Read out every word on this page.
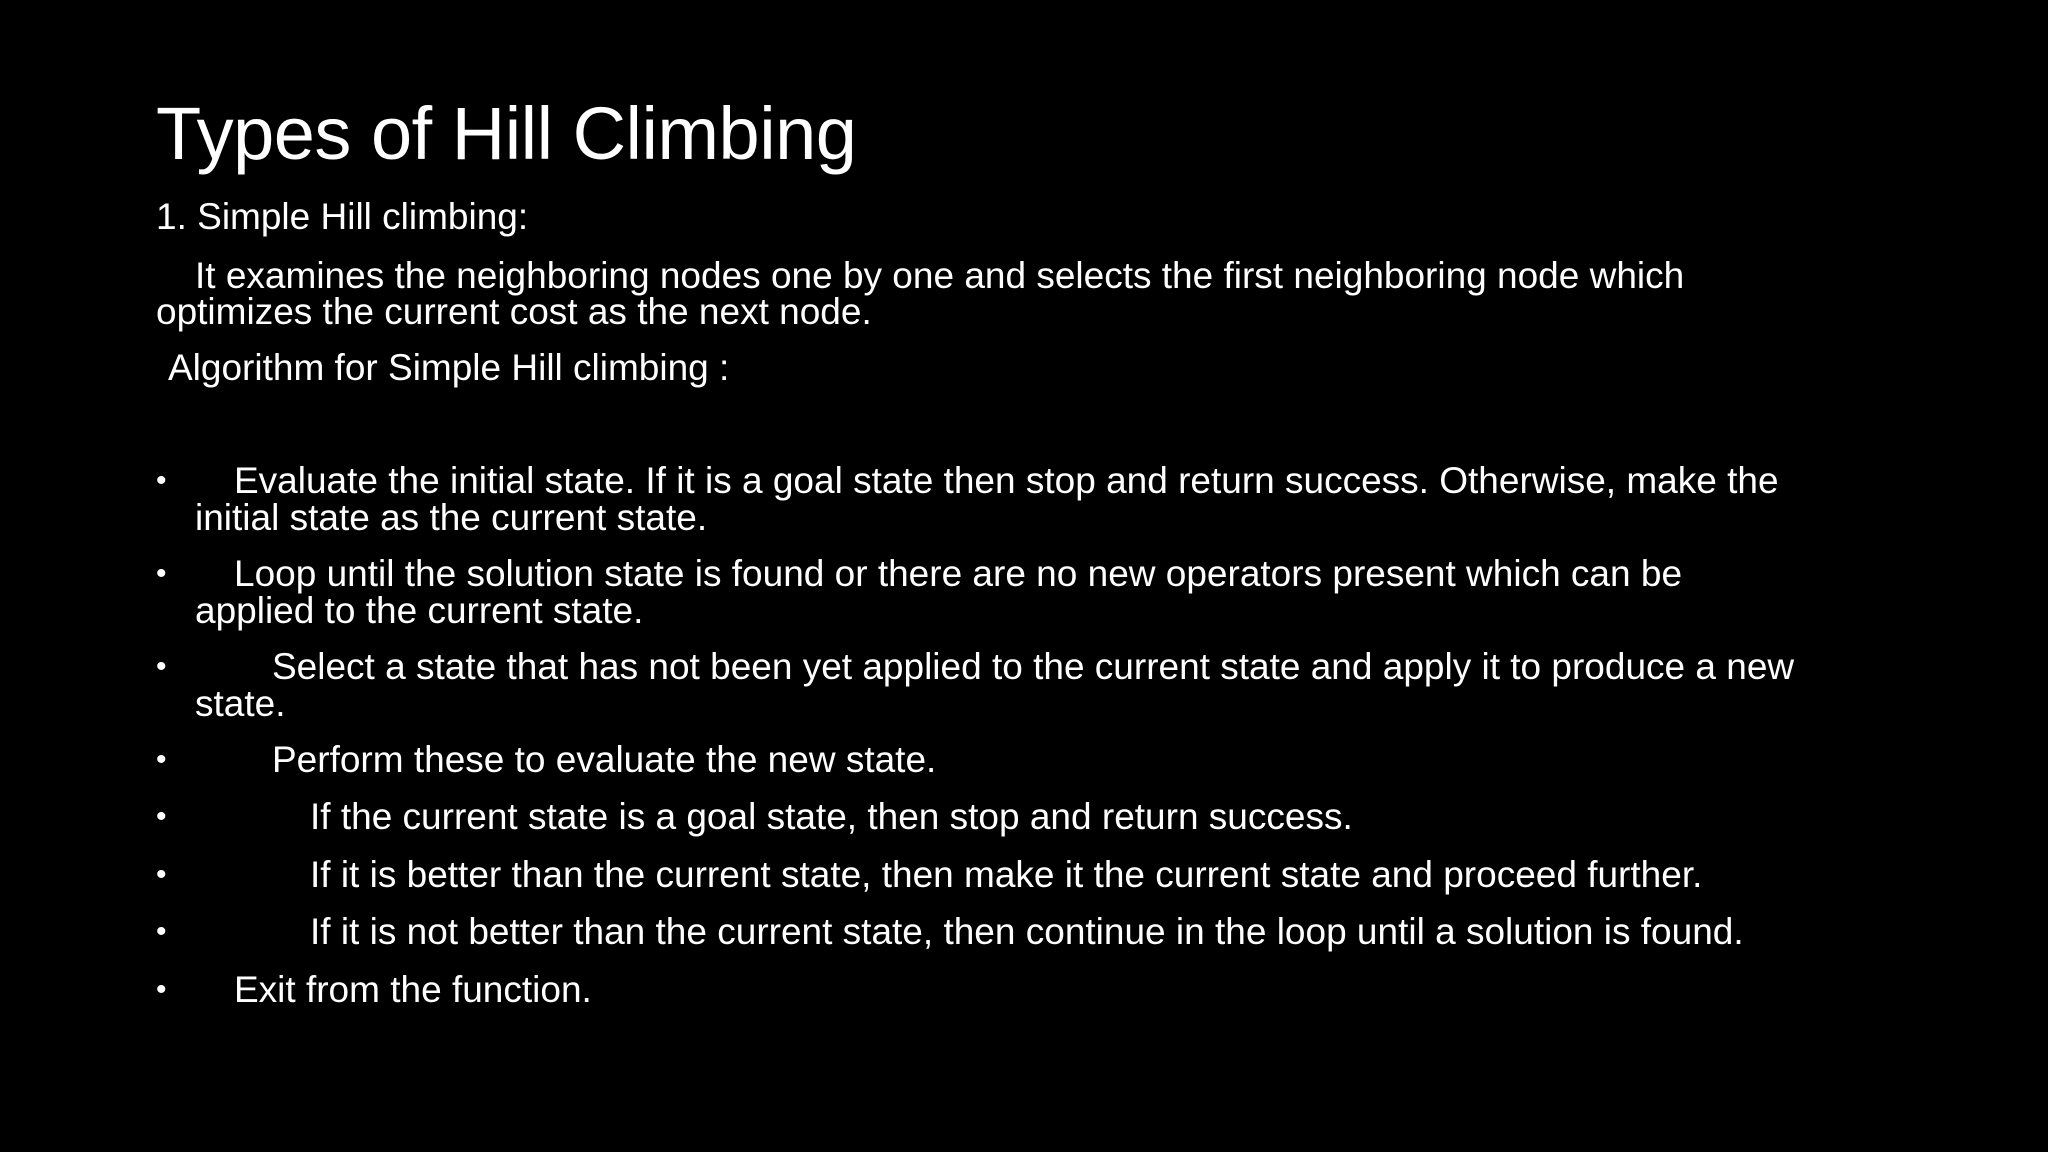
Types of Hill Climbing
1. Simple Hill climbing:
It examines the neighboring nodes one by one and selects the first neighboring node which
optimizes the current cost as the next node.
Algorithm for Simple Hill climbing :
•	Evaluate the initial state. If it is a goal state then stop and return success. Otherwise, make the
initial state as the current state.
•	Loop until the solution state is found or there are no new operators present which can be
applied to the current state.
•	Select a state that has not been yet applied to the current state and apply it to produce a new
state.
•	Perform these to evaluate the new state.
•	If the current state is a goal state, then stop and return success.
•	If it is better than the current state, then make it the current state and proceed further.
•	If it is not better than the current state, then continue in the loop until a solution is found.
•	Exit from the function.
